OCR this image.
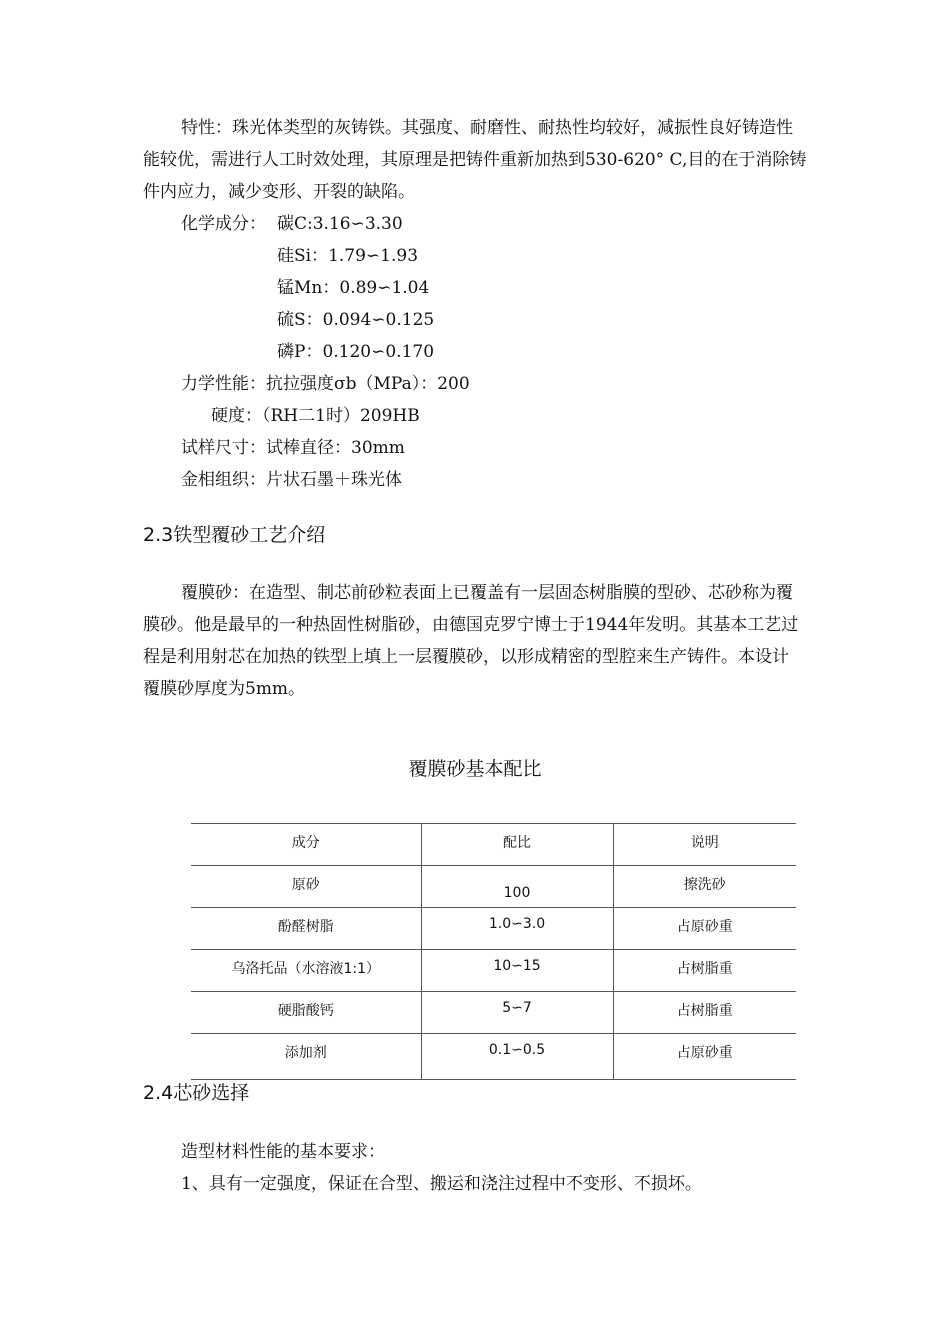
特性：珠光体类型的灰铸铁。其强度、耐磨性、耐热性均较好，减振性良好铸造性
能较优，需进行人工时效处理，其原理是把铸件重新加热到530-620° C,目的在于消除铸
件内应力，减少变形、开裂的缺陷。
化学成分： 碳C:3.16∽3.30
硅Si：1.79∽1.93
锰Mn：0.89∽1.04
硫S：0.094∽0.125
磷P：0.120∽0.170
力学性能：抗拉强度σb（MPa）：200
硬度：（RH二1时）209HB
试样尺寸：试棒直径：30mm
金相组织：片状石墨＋珠光体
2.3铁型覆砂工艺介绍
覆膜砂：在造型、制芯前砂粒表面上已覆盖有一层固态树脂膜的型砂、芯砂称为覆
膜砂。他是最早的一种热固性树脂砂，由德国克罗宁博士于1944年发明。其基本工艺过
程是利用射芯在加热的铁型上填上一层覆膜砂，以形成精密的型腔来生产铸件。本设计
覆膜砂厚度为5mm。
覆膜砂基本配比
成分	配比	说明
原砂	100	擦洗砂
酚醛树脂	1.0∽3.0	占原砂重
乌洛托品（水溶液1:1）	10∽15	占树脂重
硬脂酸钙	5∽7	占树脂重
添加剂	0.1∽0.5	占原砂重
2.4芯砂选择
造型材料性能的基本要求：
1、具有一定强度，保证在合型、搬运和浇注过程中不变形、不损坏。
